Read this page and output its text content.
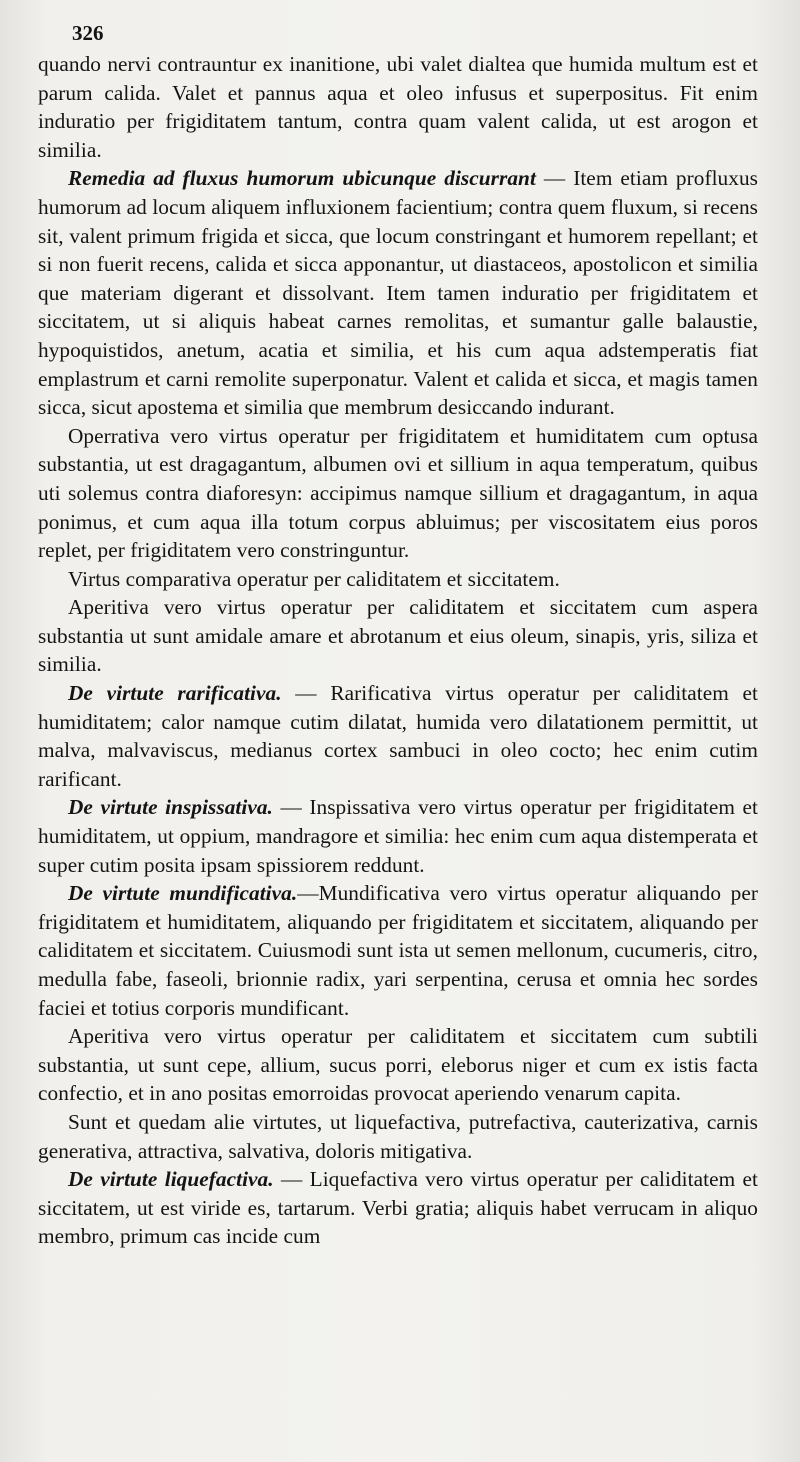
326

quando nervi contrauntur ex inanitione, ubi valet dialtea que humida multum est et parum calida. Valet et pannus aqua et oleo infusus et superpositus. Fit enim induratio per frigiditatem tantum, contra quam valent calida, ut est arogon et similia.

Remedia ad fluxus humorum ubicunque discurrant — Item etiam profluxus humorum ad locum aliquem influxionem facientium; contra quem fluxum, si recens sit, valent primum frigida et sicca, que locum constringant et humorem repellant; et si non fuerit recens, calida et sicca apponantur, ut diastaceos, apostolicon et similia que materiam digerant et dissolvant. Item tamen induratio per frigiditatem et siccitatem, ut si aliquis habeat carnes remolitas, et sumantur galle balaustie, hypoquistidos, anetum, acatia et similia, et his cum aqua adstemperatis fiat emplastrum et carni remolite superponatur. Valent et calida et sicca, et magis tamen sicca, sicut apostema et similia que membrum desiccando indurant.

Operrativa vero virtus operatur per frigiditatem et humiditatem cum optusa substantia, ut est dragagantum, albumen ovi et sillium in aqua temperatum, quibus uti solemus contra diaforesyn: accipimus namque sillium et dragagantum, in aqua ponimus, et cum aqua illa totum corpus abluimus; per viscositatem eius poros replet, per frigiditatem vero constringuntur.

Virtus comparativa operatur per caliditatem et siccitatem.

Aperitiva vero virtus operatur per caliditatem et siccitatem cum aspera substantia ut sunt amidale amare et abrotanum et eius oleum, sinapis, yris, siliza et similia.

De virtute rarificativa. — Rarificativa virtus operatur per caliditatem et humiditatem; calor namque cutim dilatat, humida vero dilatationem permittit, ut malva, malvaviscus, medianus cortex sambuci in oleo cocto; hec enim cutim rarificant.

De virtute inspissativa. — Inspissativa vero virtus operatur per frigiditatem et humiditatem, ut oppium, mandragore et similia: hec enim cum aqua distemperata et super cutim posita ipsam spissiorem reddunt.

De virtute mundificativa.—Mundificativa vero virtus operatur aliquando per frigiditatem et humiditatem, aliquando per frigiditatem et siccitatem, aliquando per caliditatem et siccitatem. Cuiusmodi sunt ista ut semen mellonum, cucumeris, citro, medulla fabe, faseoli, brionnie radix, yari serpentina, cerusa et omnia hec sordes faciei et totius corporis mundificant.

Aperitiva vero virtus operatur per caliditatem et siccitatem cum subtili substantia, ut sunt cepe, allium, sucus porri, eleborus niger et cum ex istis facta confectio, et in ano positas emorroidas provocat aperiendo venarum capita.

Sunt et quedam alie virtutes, ut liquefactiva, putrefactiva, cauterizativa, carnis generativa, attractiva, salvativa, doloris mitigativa.

De virtute liquefactiva. — Liquefactiva vero virtus operatur per caliditatem et siccitatem, ut est viride es, tartarum. Verbi gratia; aliquis habet verrucam in aliquo membro, primum cas incide cum
